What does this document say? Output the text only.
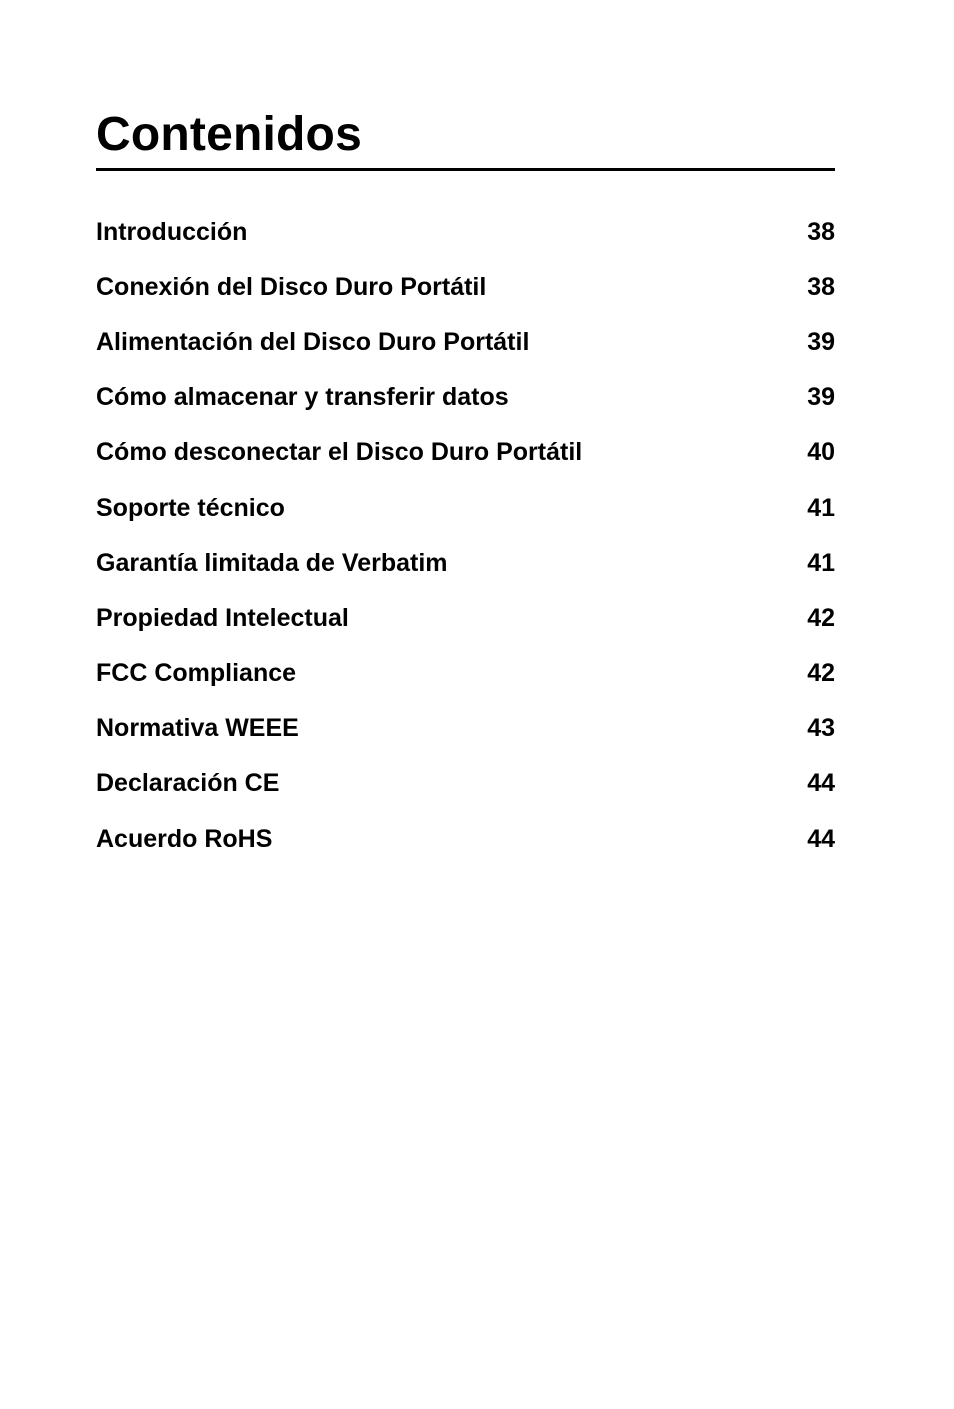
Contenidos
Introducción	38
Conexión del Disco Duro Portátil	38
Alimentación del Disco Duro Portátil	39
Cómo almacenar y transferir datos	39
Cómo desconectar el Disco Duro Portátil	40
Soporte técnico	41
Garantía limitada de Verbatim	41
Propiedad Intelectual	42
FCC Compliance	42
Normativa WEEE	43
Declaración CE	44
Acuerdo RoHS	44
